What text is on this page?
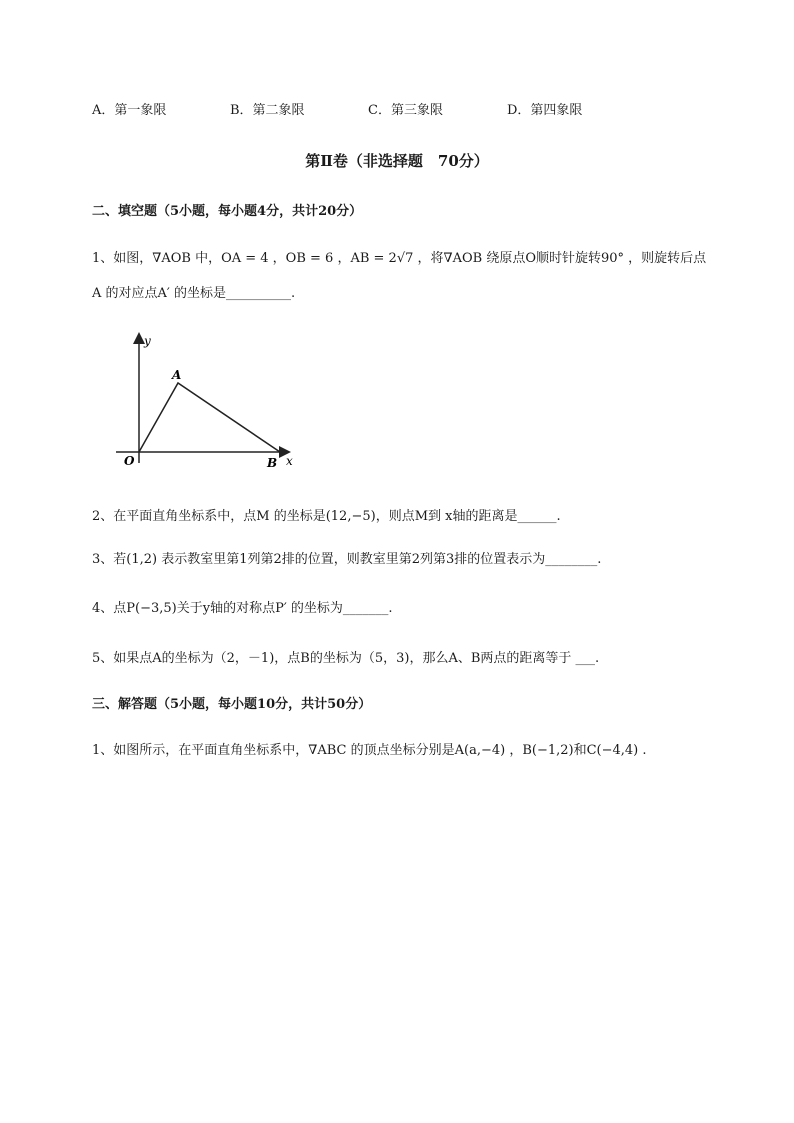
A．第一象限	B．第二象限	C．第三象限	D．第四象限
第Ⅱ卷（非选择题　70分）
二、填空题（5小题，每小题4分，共计20分）
1、如图，∇AOB 中，OA = 4 ，OB = 6 ，AB = 2√7 ，将∇AOB 绕原点O顺时针旋转90° ，则旋转后点
A 的对应点A′ 的坐标是__________.
y
x
O
A
B
2、在平面直角坐标系中，点M 的坐标是(12,−5)，则点M到 x轴的距离是______.
3、若(1,2) 表示教室里第1列第2排的位置，则教室里第2列第3排的位置表示为________.
4、点P(−3,5)关于y轴的对称点P′ 的坐标为_______.
5、如果点A的坐标为（2，－1)，点B的坐标为（5，3)，那么A、B两点的距离等于 ___.
三、解答题（5小题，每小题10分，共计50分）
1、如图所示，在平面直角坐标系中，∇ABC 的顶点坐标分别是A(a,−4) ，B(−1,2)和C(−4,4) .
